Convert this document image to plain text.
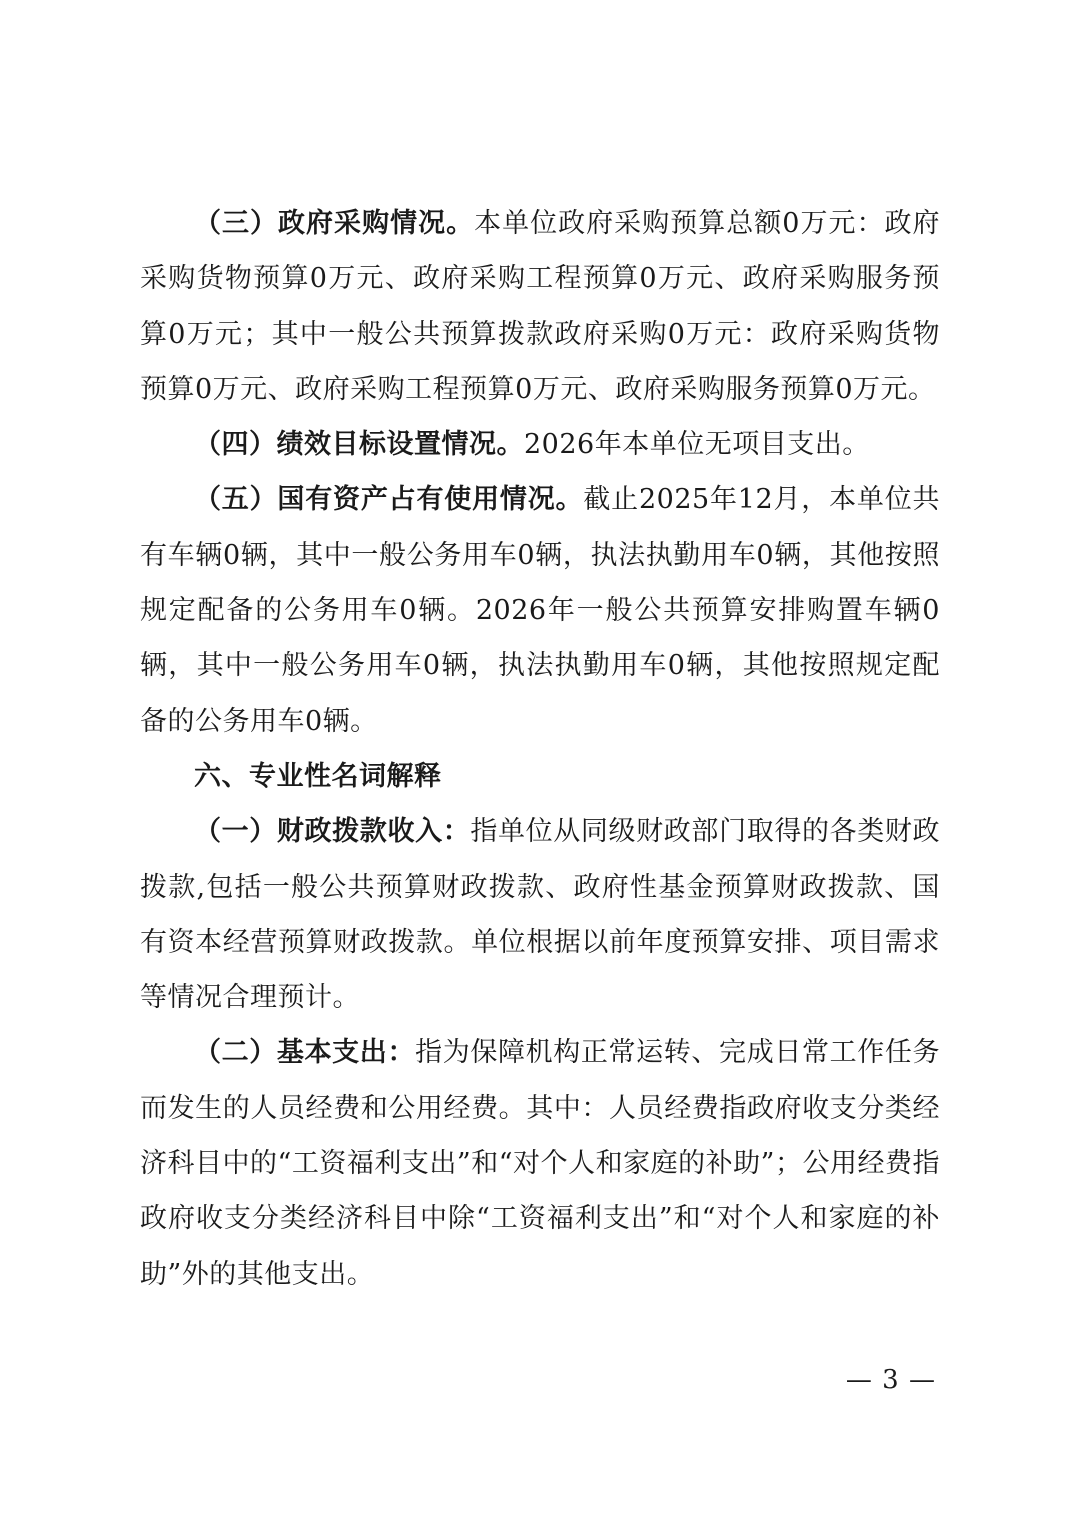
（三）政府采购情况。本单位政府采购预算总额0万元：政府采购货物预算0万元、政府采购工程预算0万元、政府采购服务预算0万元；其中一般公共预算拨款政府采购0万元：政府采购货物预算0万元、政府采购工程预算0万元、政府采购服务预算0万元。

（四）绩效目标设置情况。2026年本单位无项目支出。

（五）国有资产占有使用情况。截止2025年12月，本单位共有车辆0辆，其中一般公务用车0辆，执法执勤用车0辆，其他按照规定配备的公务用车0辆。2026年一般公共预算安排购置车辆0辆，其中一般公务用车0辆，执法执勤用车0辆，其他按照规定配备的公务用车0辆。

六、专业性名词解释

（一）财政拨款收入：指单位从同级财政部门取得的各类财政拨款,包括一般公共预算财政拨款、政府性基金预算财政拨款、国有资本经营预算财政拨款。单位根据以前年度预算安排、项目需求等情况合理预计。

（二）基本支出：指为保障机构正常运转、完成日常工作任务而发生的人员经费和公用经费。其中：人员经费指政府收支分类经济科目中的“工资福利支出”和“对个人和家庭的补助”；公用经费指政府收支分类经济科目中除“工资福利支出”和“对个人和家庭的补助”外的其他支出。

— 3 —
